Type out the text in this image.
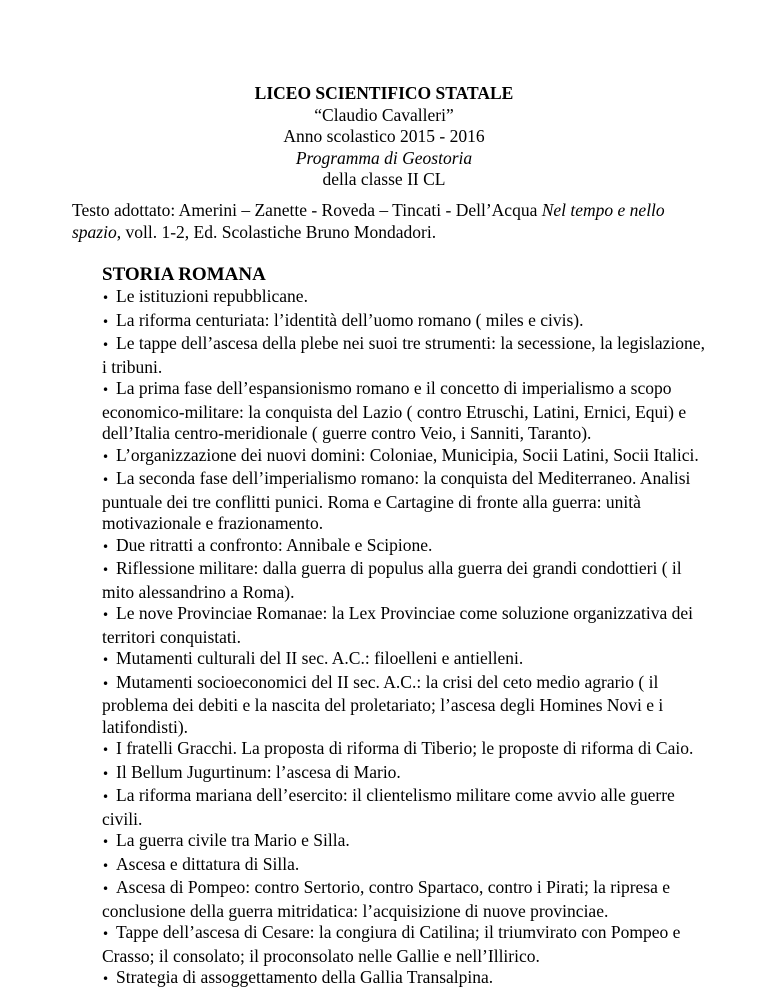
LICEO SCIENTIFICO STATALE
“Claudio Cavalleri”
Anno scolastico 2015 - 2016
Programma di Geostoria
della classe II CL
Testo adottato: Amerini – Zanette - Roveda – Tincati - Dell’Acqua Nel tempo e nello spazio, voll. 1-2, Ed. Scolastiche Bruno Mondadori.
STORIA ROMANA
• Le istituzioni repubblicane.
• La riforma centuriata: l’identità dell’uomo romano ( miles e civis).
• Le tappe dell’ascesa della plebe nei suoi tre strumenti: la secessione, la legislazione, i tribuni.
• La prima fase dell’espansionismo romano e il concetto di imperialismo a scopo economico-militare: la conquista del Lazio ( contro Etruschi, Latini, Ernici, Equi) e dell’Italia centro-meridionale ( guerre contro Veio, i Sanniti, Taranto).
• L’organizzazione dei nuovi domini: Coloniae, Municipia, Socii Latini, Socii Italici.
• La seconda fase dell’imperialismo romano: la conquista del Mediterraneo. Analisi puntuale dei tre conflitti punici. Roma e Cartagine di fronte alla guerra: unità motivazionale e frazionamento.
• Due ritratti a confronto: Annibale e Scipione.
• Riflessione militare: dalla guerra di populus alla guerra dei grandi condottieri ( il mito alessandrino a Roma).
• Le nove Provinciae Romanae: la Lex Provinciae come soluzione organizzativa dei territori conquistati.
• Mutamenti culturali del II sec. A.C.: filoelleni e antielleni.
• Mutamenti socioeconomici del II sec. A.C.: la crisi del ceto medio agrario ( il problema dei debiti e la nascita del proletariato; l’ascesa degli Homines Novi e i latifondisti).
• I fratelli Gracchi. La proposta di riforma di Tiberio; le proposte di riforma di Caio.
• Il Bellum Jugurtinum: l’ascesa di Mario.
• La riforma mariana dell’esercito: il clientelismo militare come avvio alle guerre civili.
• La guerra civile tra Mario e Silla.
• Ascesa e dittatura di Silla.
• Ascesa di Pompeo: contro Sertorio, contro Spartaco, contro i Pirati; la ripresa e conclusione della guerra mitridatica: l’acquisizione di nuove provinciae.
• Tappe dell’ascesa di Cesare: la congiura di Catilina; il triumvirato con Pompeo e Crasso; il consolato; il proconsolato nelle Gallie e nell’Illirico.
• Strategia di assoggettamento della Gallia Transalpina.
